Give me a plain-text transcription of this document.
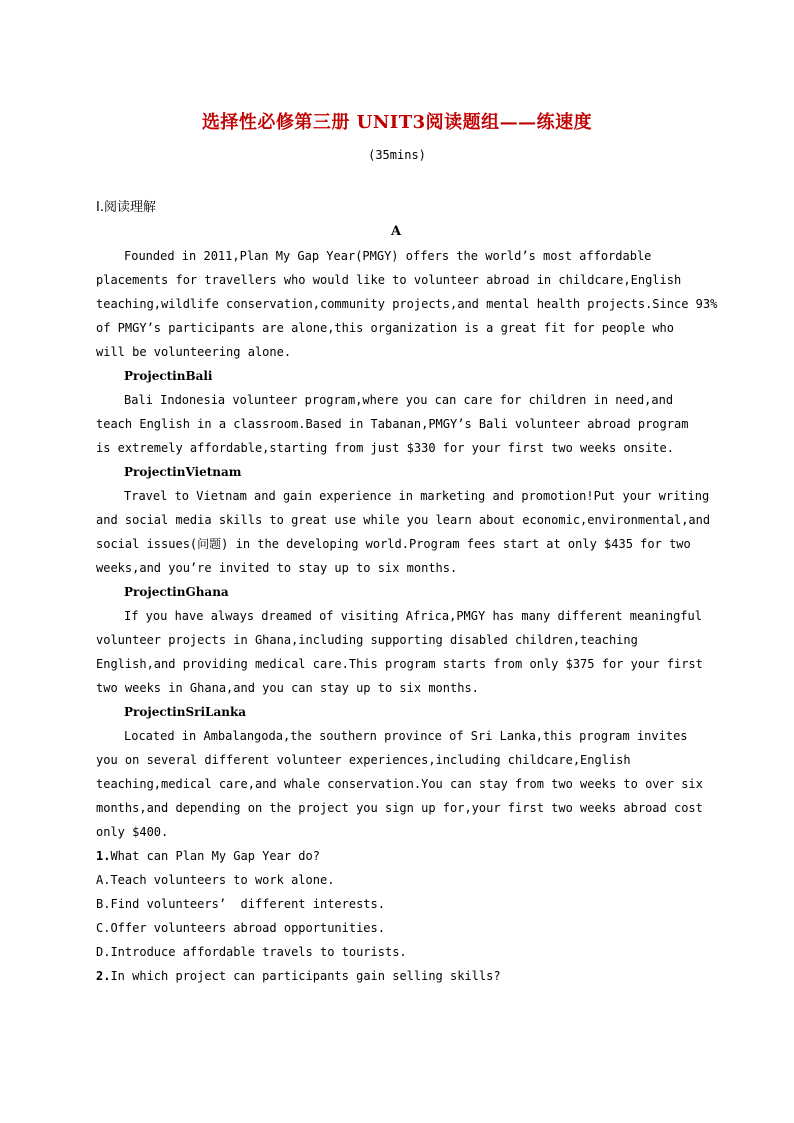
选择性必修第三册 UNIT3阅读题组——练速度
(35mins)
Ⅰ.阅读理解
A
Founded in 2011,Plan My Gap Year(PMGY) offers the world’s most affordable
placements for travellers who would like to volunteer abroad in childcare,English
teaching,wildlife conservation,community projects,and mental health projects.Since 93%
of PMGY’s participants are alone,this organization is a great fit for people who
will be volunteering alone.
ProjectinBali
Bali Indonesia volunteer program,where you can care for children in need,and
teach English in a classroom.Based in Tabanan,PMGY’s Bali volunteer abroad program
is extremely affordable,starting from just $330 for your first two weeks onsite.
ProjectinVietnam
Travel to Vietnam and gain experience in marketing and promotion!Put your writing
and social media skills to great use while you learn about economic,environmental,and
social issues(问题) in the developing world.Program fees start at only $435 for two
weeks,and you’re invited to stay up to six months.
ProjectinGhana
If you have always dreamed of visiting Africa,PMGY has many different meaningful
volunteer projects in Ghana,including supporting disabled children,teaching
English,and providing medical care.This program starts from only $375 for your first
two weeks in Ghana,and you can stay up to six months.
ProjectinSriLanka
Located in Ambalangoda,the southern province of Sri Lanka,this program invites
you on several different volunteer experiences,including childcare,English
teaching,medical care,and whale conservation.You can stay from two weeks to over six
months,and depending on the project you sign up for,your first two weeks abroad cost
only $400.
1.What can Plan My Gap Year do?
A.Teach volunteers to work alone.
B.Find volunteers’  different interests.
C.Offer volunteers abroad opportunities.
D.Introduce affordable travels to tourists.
2.In which project can participants gain selling skills?
